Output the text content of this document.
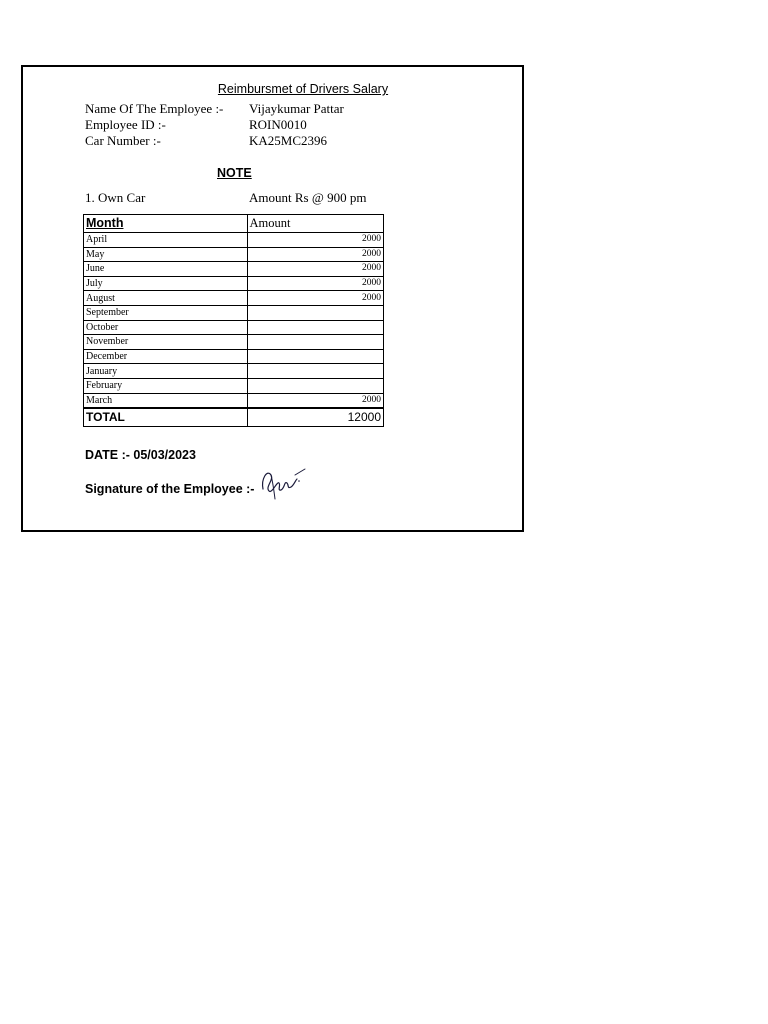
Reimbursmet of Drivers Salary
Name Of The Employee :- Vijaykumar Pattar
Employee ID :-	ROIN0010
Car Number :-	KA25MC2396
NOTE
1. Own Car	Amount Rs @ 900 pm
Month	Amount
April	2000
May	2000
June	2000
July	2000
August	2000
September	
October	
November	
December	
January	
February	
March	2000
TOTAL	12000
DATE :- 05/03/2023
Signature of the Employee :-
